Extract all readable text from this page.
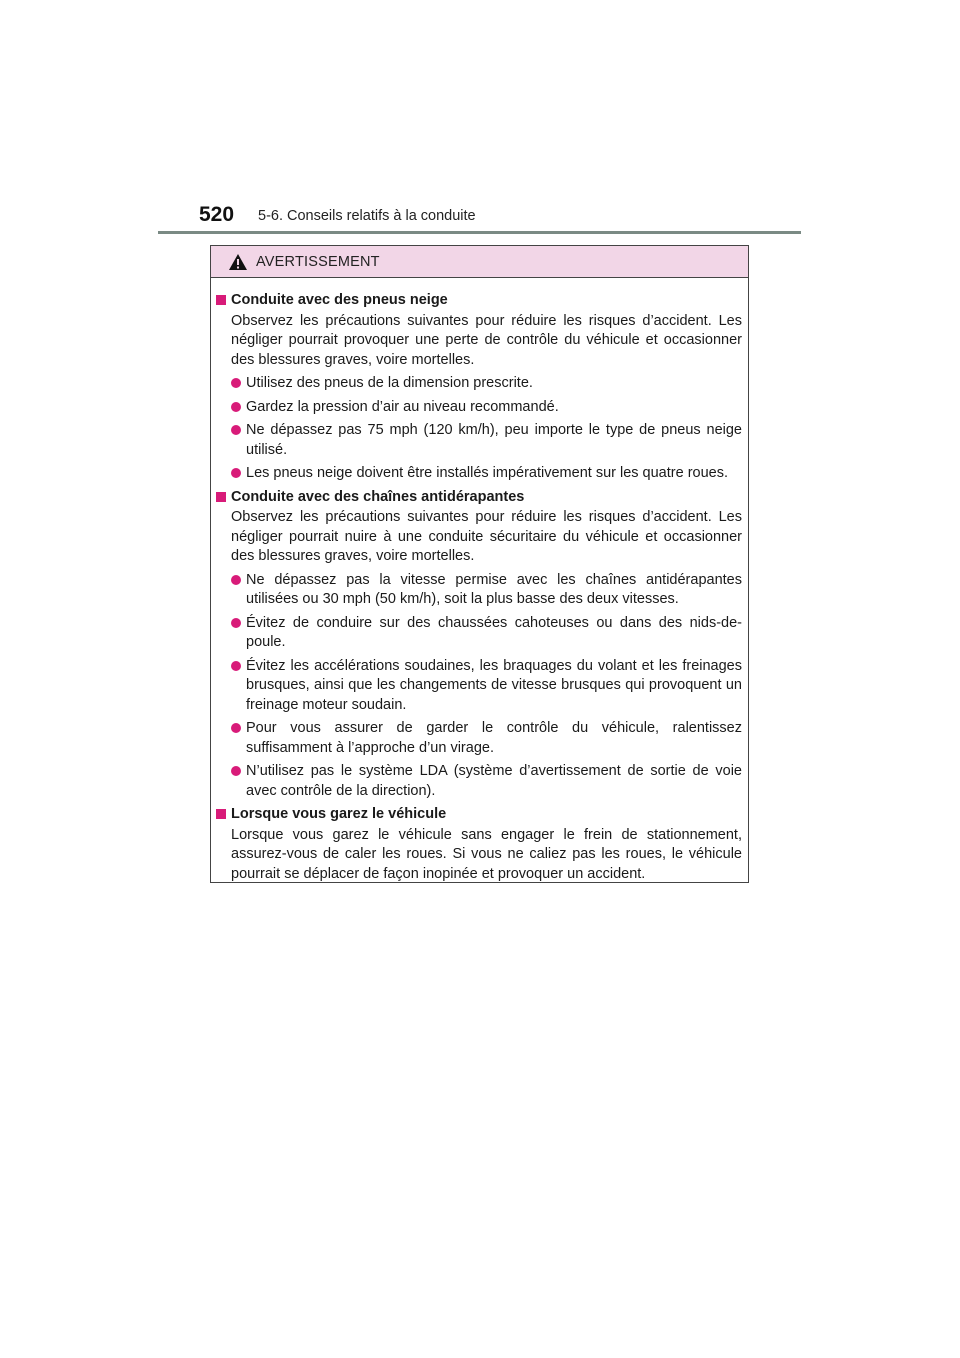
520 5-6. Conseils relatifs à la conduite
AVERTISSEMENT
Conduite avec des pneus neige
Observez les précautions suivantes pour réduire les risques d’accident. Les négliger pourrait provoquer une perte de contrôle du véhicule et occasionner des blessures graves, voire mortelles.
Utilisez des pneus de la dimension prescrite.
Gardez la pression d’air au niveau recommandé.
Ne dépassez pas 75 mph (120 km/h), peu importe le type de pneus neige utilisé.
Les pneus neige doivent être installés impérativement sur les quatre roues.
Conduite avec des chaînes antidérapantes
Observez les précautions suivantes pour réduire les risques d’accident. Les négliger pourrait nuire à une conduite sécuritaire du véhicule et occasionner des blessures graves, voire mortelles.
Ne dépassez pas la vitesse permise avec les chaînes antidérapantes utilisées ou 30 mph (50 km/h), soit la plus basse des deux vitesses.
Évitez de conduire sur des chaussées cahoteuses ou dans des nids-de-poule.
Évitez les accélérations soudaines, les braquages du volant et les freinages brusques, ainsi que les changements de vitesse brusques qui provoquent un freinage moteur soudain.
Pour vous assurer de garder le contrôle du véhicule, ralentissez suffisamment à l’approche d’un virage.
N’utilisez pas le système LDA (système d’avertissement de sortie de voie avec contrôle de la direction).
Lorsque vous garez le véhicule
Lorsque vous garez le véhicule sans engager le frein de stationnement, assurez-vous de caler les roues. Si vous ne caliez pas les roues, le véhicule pourrait se déplacer de façon inopinée et provoquer un accident.
